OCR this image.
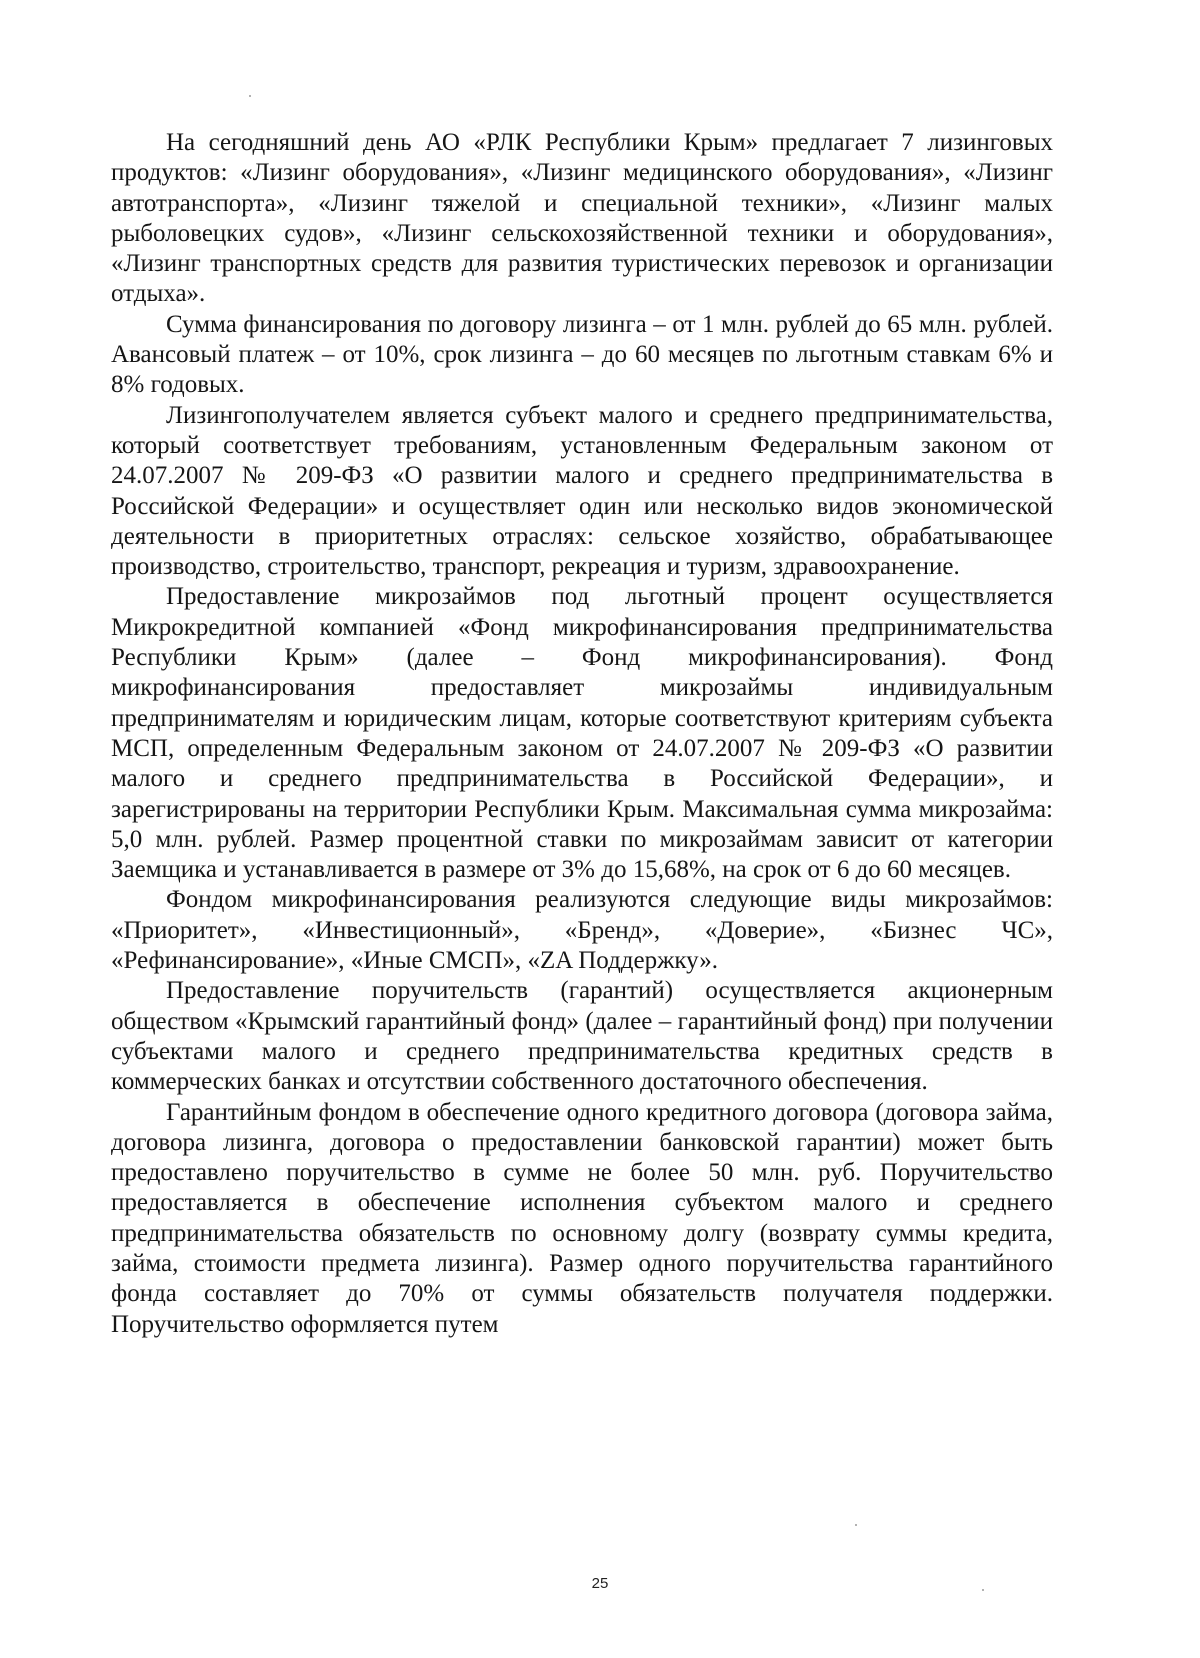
На сегодняшний день АО «РЛК Республики Крым» предлагает 7 лизинговых продуктов: «Лизинг оборудования», «Лизинг медицинского оборудования», «Лизинг автотранспорта», «Лизинг тяжелой и специальной техники», «Лизинг малых рыболовецких судов», «Лизинг сельскохозяйственной техники и оборудования», «Лизинг транспортных средств для развития туристических перевозок и организации отдыха».

Сумма финансирования по договору лизинга – от 1 млн. рублей до 65 млн. рублей. Авансовый платеж – от 10%, срок лизинга – до 60 месяцев по льготным ставкам 6% и 8% годовых.

Лизингополучателем является субъект малого и среднего предпринимательства, который соответствует требованиям, установленным Федеральным законом от 24.07.2007 № 209-ФЗ «О развитии малого и среднего предпринимательства в Российской Федерации» и осуществляет один или несколько видов экономической деятельности в приоритетных отраслях: сельское хозяйство, обрабатывающее производство, строительство, транспорт, рекреация и туризм, здравоохранение.

Предоставление микрозаймов под льготный процент осуществляется Микрокредитной компанией «Фонд микрофинансирования предпринимательства Республики Крым» (далее – Фонд микрофинансирования). Фонд микрофинансирования предоставляет микрозаймы индивидуальным предпринимателям и юридическим лицам, которые соответствуют критериям субъекта МСП, определенным Федеральным законом от 24.07.2007 № 209-ФЗ «О развитии малого и среднего предпринимательства в Российской Федерации», и зарегистрированы на территории Республики Крым. Максимальная сумма микрозайма: 5,0 млн. рублей. Размер процентной ставки по микрозаймам зависит от категории Заемщика и устанавливается в размере от 3% до 15,68%, на срок от 6 до 60 месяцев.

Фондом микрофинансирования реализуются следующие виды микрозаймов: «Приоритет», «Инвестиционный», «Бренд», «Доверие», «Бизнес ЧС», «Рефинансирование», «Иные СМСП», «ZA Поддержку».

Предоставление поручительств (гарантий) осуществляется акционерным обществом «Крымский гарантийный фонд» (далее – гарантийный фонд) при получении субъектами малого и среднего предпринимательства кредитных средств в коммерческих банках и отсутствии собственного достаточного обеспечения.

Гарантийным фондом в обеспечение одного кредитного договора (договора займа, договора лизинга, договора о предоставлении банковской гарантии) может быть предоставлено поручительство в сумме не более 50 млн. руб. Поручительство предоставляется в обеспечение исполнения субъектом малого и среднего предпринимательства обязательств по основному долгу (возврату суммы кредита, займа, стоимости предмета лизинга). Размер одного поручительства гарантийного фонда составляет до 70% от суммы обязательств получателя поддержки. Поручительство оформляется путем

25
